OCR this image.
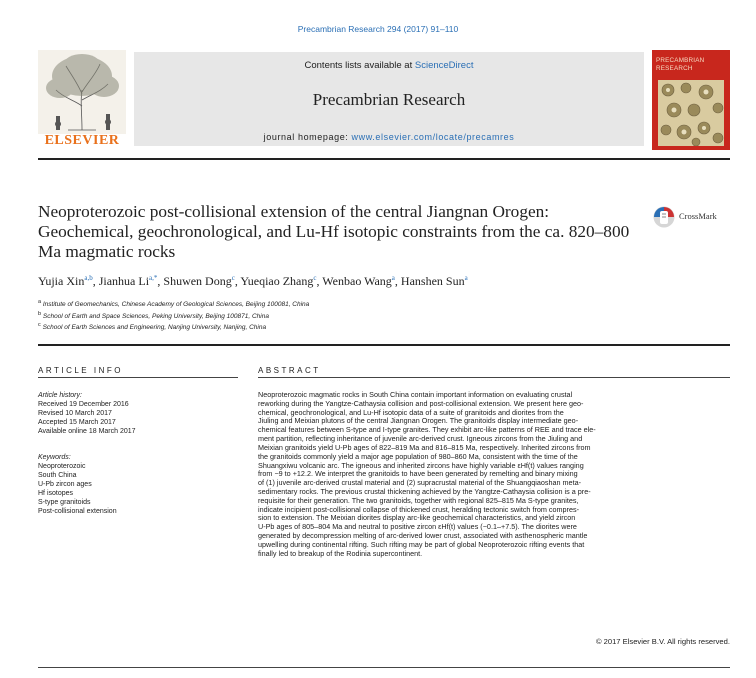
Precambrian Research 294 (2017) 91–110
ELSEVIER
Contents lists available at ScienceDirect
Precambrian Research
journal homepage: www.elsevier.com/locate/precamres
PRECAMBRIAN RESEARCH
Neoproterozoic post-collisional extension of the central Jiangnan Orogen: Geochemical, geochronological, and Lu-Hf isotopic constraints from the ca. 820–800 Ma magmatic rocks
CrossMark
Yujia Xin$^{a,b}$, Jianhua $Li^{a,*}$, Shuwen Dong$^c$, Yueqiao Zhang$^c$, Wenbao Wang$^a$, Hanshen Sun$^a$
$^a$ Institute of Geomechanics, Chinese Academy of Geological Sciences, Beijing 100081, China
$^b$ School of Earth and Space Sciences, Peking University, Beijing 100871, China
$^c$ School of Earth Sciences and Engineering, Nanjing University, Nanjing, China
ARTICLE INFO	ABSTRACT
Article history:
Received 19 December 2016
Revised 10 March 2017
Accepted 15 March 2017
Available online 18 March 2017
Keywords:
Neoproterozoic
South China
U-Pb zircon ages
Hf isotopes
S-type granitoids
Post-collisional extension
Neoproterozoic magmatic rocks in South China contain important information on evaluating crustal
reworking during the Yangtze-Cathaysia collision and post-collisional extension. We present here geo-
chemical, geochronological, and Lu-Hf isotopic data of a suite of granitoids and diorites from the
Jiuling and Meixian plutons of the central Jiangnan Orogen. The granitoids display intermediate geo-
chemical features between S-type and I-type granites. They exhibit arc-like patterns of REE and trace ele-
ment partition, reflecting inheritance of juvenile arc-derived crust. Igneous zircons from the Jiuling and
Meixian granitoids yield U-Pb ages of 822–819 Ma and 816–815 Ma, respectively. Inherited zircons from
the granitoids commonly yield a major age population of 980–860 Ma, consistent with the time of the
Shuangxiwu volcanic arc. The igneous and inherited zircons have highly variable εHf(t) values ranging
from −9 to +12.2. We interpret the granitoids to have been generated by remelting and binary mixing
of (1) juvenile arc-derived crustal material and (2) supracrustal material of the Shuangqiaoshan meta-
sedimentary rocks. The previous crustal thickening achieved by the Yangtze-Cathaysia collision is a pre-
requisite for their generation. The two granitoids, together with regional 825–815 Ma S-type granites,
indicate incipient post-collisional collapse of thickened crust, heralding tectonic switch from compres-
sion to extension. The Meixian diorites display arc-like geochemical characteristics, and yield zircon
U-Pb ages of 805–804 Ma and neutral to positive zircon εHf(t) values (−0.1–+7.5). The diorites were
generated by decompression melting of arc-derived lower crust, associated with asthenospheric mantle
upwelling during continental rifting. Such rifting may be part of global Neoproterozoic rifting events that
finally led to breakup of the Rodinia supercontinent.
© 2017 Elsevier B.V. All rights reserved.
